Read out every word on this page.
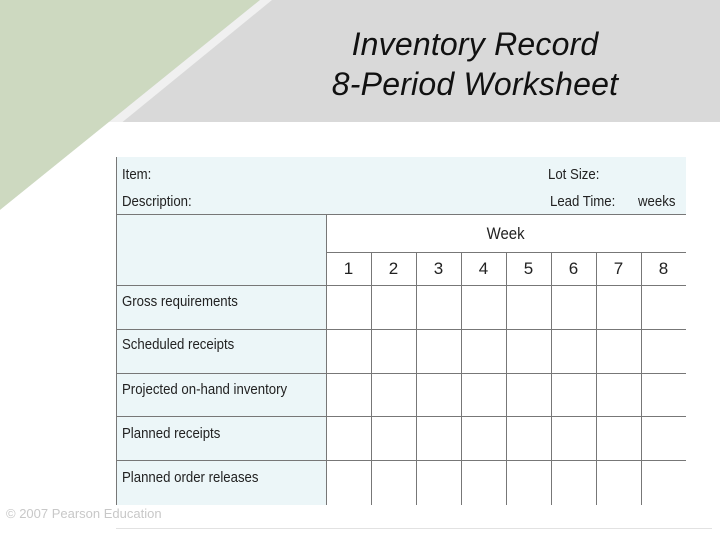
Inventory Record
8-Period Worksheet
Item:
Description:
Lot Size:
Lead Time: weeks
Week
1	2	3	4	5	6	7	8
Gross requirements
Scheduled receipts
Projected on-hand inventory
Planned receipts
Planned order releases
© 2007 Pearson Education
